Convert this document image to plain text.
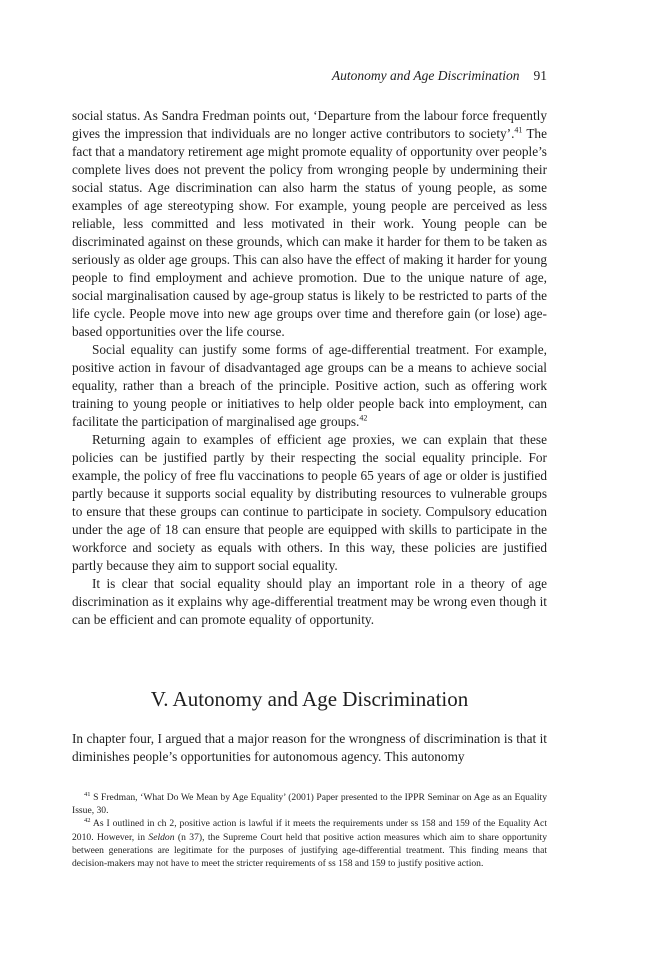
Autonomy and Age Discrimination 91

social status. As Sandra Fredman points out, ‘Departure from the labour force frequently gives the impression that individuals are no longer active contributors to society’.$^{41}$ The fact that a mandatory retirement age might promote equality of opportunity over people’s complete lives does not prevent the policy from wronging people by undermining their social status. Age discrimination can also harm the status of young people, as some examples of age stereotyping show. For example, young people are perceived as less reliable, less committed and less motivated in their work. Young people can be discriminated against on these grounds, which can make it harder for them to be taken as seriously as older age groups. This can also have the effect of making it harder for young people to find employment and achieve promotion. Due to the unique nature of age, social marginalisation caused by age-group status is likely to be restricted to parts of the life cycle. People move into new age groups over time and therefore gain (or lose) age-based opportunities over the life course.

Social equality can justify some forms of age-differential treatment. For example, positive action in favour of disadvantaged age groups can be a means to achieve social equality, rather than a breach of the principle. Positive action, such as offering work training to young people or initiatives to help older people back into employment, can facilitate the participation of marginalised age groups.$^{42}$

Returning again to examples of efficient age proxies, we can explain that these policies can be justified partly by their respecting the social equality principle. For example, the policy of free flu vaccinations to people 65 years of age or older is justified partly because it supports social equality by distributing resources to vulnerable groups to ensure that these groups can continue to participate in society. Compulsory education under the age of 18 can ensure that people are equipped with skills to participate in the workforce and society as equals with others. In this way, these policies are justified partly because they aim to support social equality.

It is clear that social equality should play an important role in a theory of age discrimination as it explains why age-differential treatment may be wrong even though it can be efficient and can promote equality of opportunity.

V. Autonomy and Age Discrimination

In chapter four, I argued that a major reason for the wrongness of discrimination is that it diminishes people’s opportunities for autonomous agency. This autonomy

$^{41}$ S Fredman, ‘What Do We Mean by Age Equality’ (2001) Paper presented to the IPPR Seminar on Age as an Equality Issue, 30.

$^{42}$ As I outlined in ch 2, positive action is lawful if it meets the requirements under ss 158 and 159 of the Equality Act 2010. However, in Seldon (n 37), the Supreme Court held that positive action measures which aim to share opportunity between generations are legitimate for the purposes of justifying age-differential treatment. This finding means that decision-makers may not have to meet the stricter requirements of ss 158 and 159 to justify positive action.
